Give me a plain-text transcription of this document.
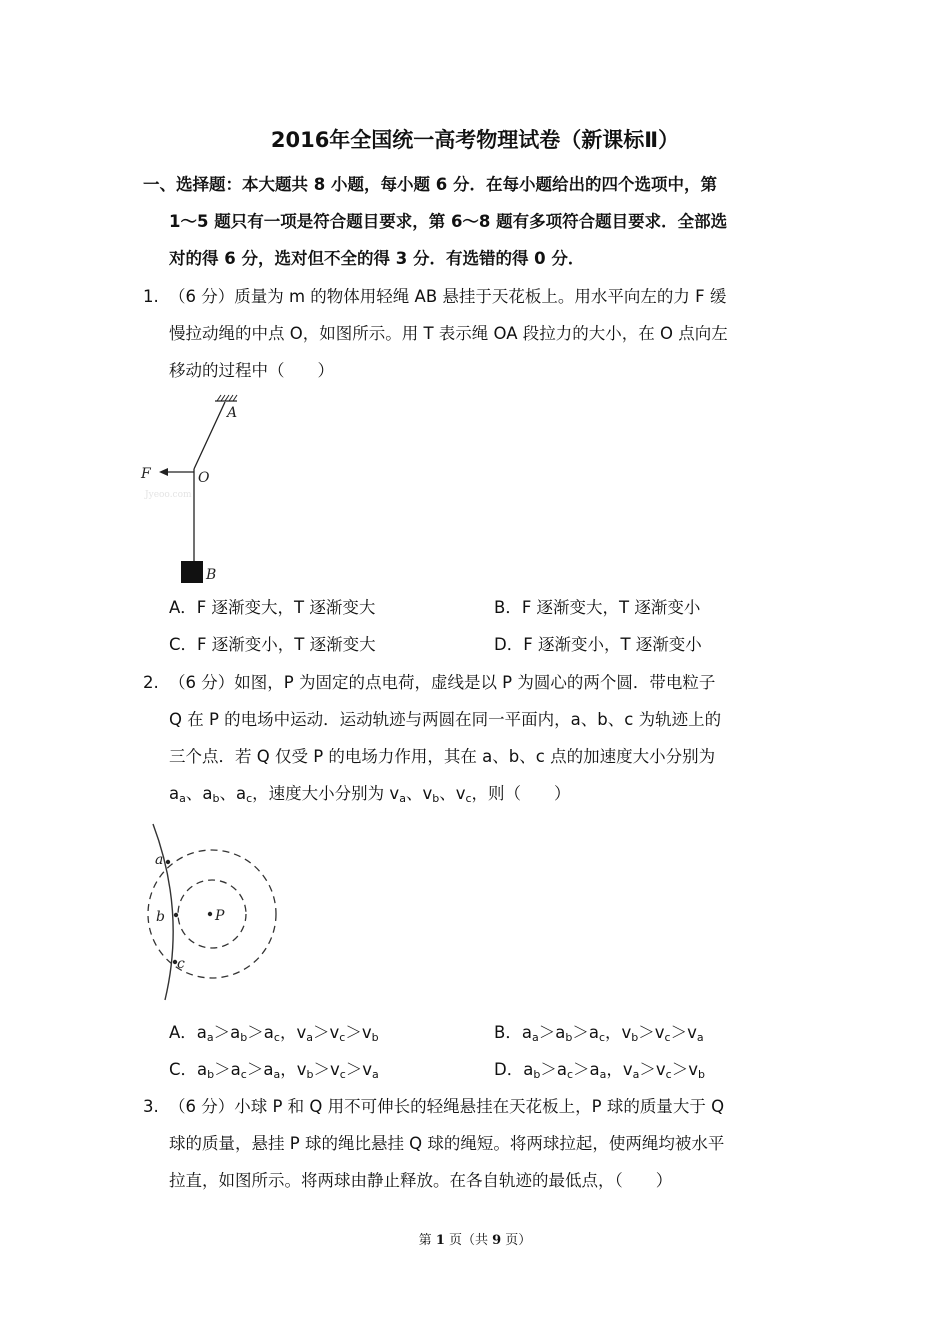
2016年全国统一高考物理试卷（新课标Ⅱ）
一、选择题：本大题共 8 小题，每小题 6 分．在每小题给出的四个选项中，第
1～5 题只有一项是符合题目要求，第 6～8 题有多项符合题目要求．全部选
对的得 6 分，选对但不全的得 3 分．有选错的得 0 分．
1. （6 分）质量为 m 的物体用轻绳 AB 悬挂于天花板上。用水平向左的力 F 缓
慢拉动绳的中点 O，如图所示。用 T 表示绳 OA 段拉力的大小，在 O 点向左
移动的过程中（　　）
A
F	O
Jyeoo.com
B
A．F 逐渐变大，T 逐渐变大	B．F 逐渐变大，T 逐渐变小
C．F 逐渐变小，T 逐渐变大	D．F 逐渐变小，T 逐渐变小
2. （6 分）如图，P 为固定的点电荷，虚线是以 P 为圆心的两个圆．带电粒子
Q 在 P 的电场中运动．运动轨迹与两圆在同一平面内，a、b、c 为轨迹上的
三个点．若 Q 仅受 P 的电场力作用，其在 a、b、c 点的加速度大小分别为
$a_a$、$a_b$、$a_c$，速度大小分别为 $v_a$、$v_b$、$v_c$，则（　　）
a
b
c
P
A．$a_a>a_b>a_c$，$v_a>v_c>v_b$	B．$a_a>a_b>a_c$，$v_b>v_c>v_a$
C．$a_b>a_c>a_a$，$v_b>v_c>v_a$	D．$a_b>a_c>a_a$，$v_a>v_c>v_b$
3. （6 分）小球 P 和 Q 用不可伸长的轻绳悬挂在天花板上，P 球的质量大于 Q
球的质量，悬挂 P 球的绳比悬挂 Q 球的绳短。将两球拉起，使两绳均被水平
拉直，如图所示。将两球由静止释放。在各自轨迹的最低点，（　　）
第 1 页（共 9 页）
